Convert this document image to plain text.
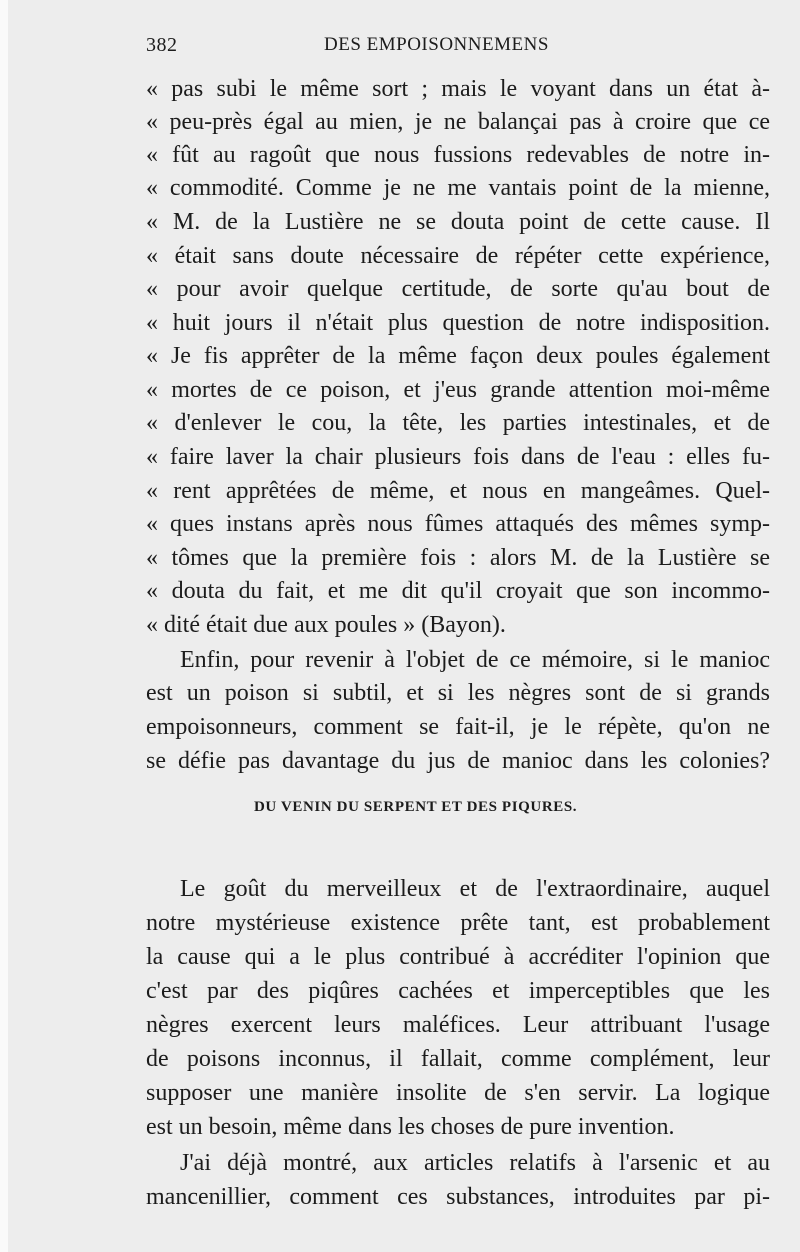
382	DES EMPOISONNEMENS
« pas subi le même sort ; mais le voyant dans un état à-
« peu-près égal au mien, je ne balançai pas à croire que ce
« fût au ragoût que nous fussions redevables de notre in-
« commodité. Comme je ne me vantais point de la mienne,
« M. de la Lustière ne se douta point de cette cause. Il
« était sans doute nécessaire de répéter cette expérience,
« pour avoir quelque certitude, de sorte qu'au bout de
« huit jours il n'était plus question de notre indisposition.
« Je fis apprêter de la même façon deux poules également
« mortes de ce poison, et j'eus grande attention moi-même
« d'enlever le cou, la tête, les parties intestinales, et de
« faire laver la chair plusieurs fois dans de l'eau : elles fu-
« rent apprêtées de même, et nous en mangeâmes. Quel-
« ques instans après nous fûmes attaqués des mêmes symp-
« tômes que la première fois : alors M. de la Lustière se
« douta du fait, et me dit qu'il croyait que son incommo-
« dité était due aux poules » (Bayon).
Enfin, pour revenir à l'objet de ce mémoire, si le manioc
est un poison si subtil, et si les nègres sont de si grands
empoisonneurs, comment se fait-il, je le répète, qu'on ne
se défie pas davantage du jus de manioc dans les colonies?
DU VENIN DU SERPENT ET DES PIQURES.
Le goût du merveilleux et de l'extraordinaire, auquel
notre mystérieuse existence prête tant, est probablement
la cause qui a le plus contribué à accréditer l'opinion que
c'est par des piqûres cachées et imperceptibles que les
nègres exercent leurs maléfices. Leur attribuant l'usage
de poisons inconnus, il fallait, comme complément, leur
supposer une manière insolite de s'en servir. La logique
est un besoin, même dans les choses de pure invention.
J'ai déjà montré, aux articles relatifs à l'arsenic et au
mancenillier, comment ces substances, introduites par pi-
